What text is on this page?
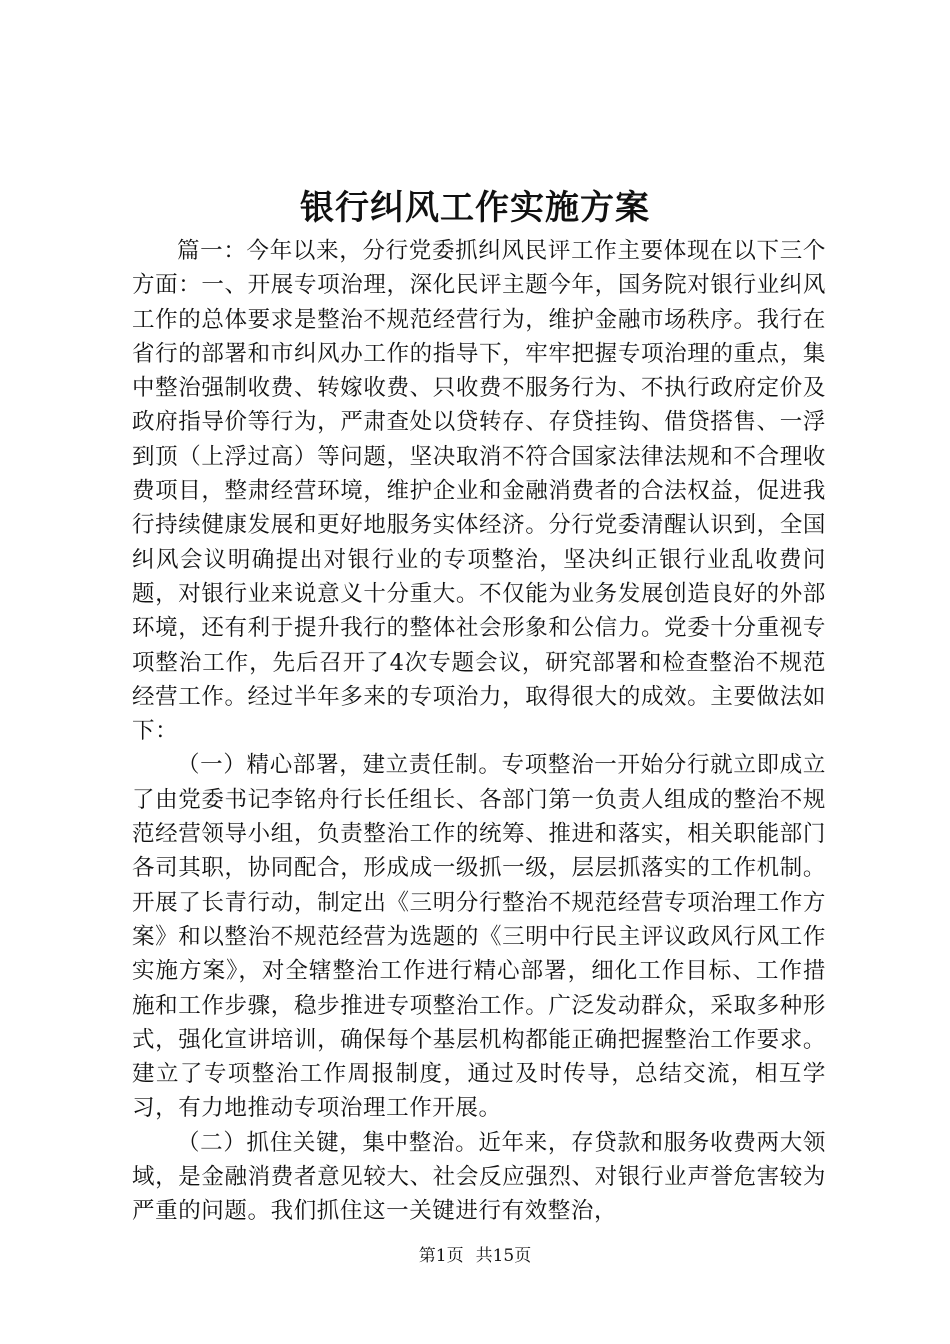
银行纠风工作实施方案

篇一：今年以来，分行党委抓纠风民评工作主要体现在以下三个方面：一、开展专项治理，深化民评主题今年，国务院对银行业纠风工作的总体要求是整治不规范经营行为，维护金融市场秩序。我行在省行的部署和市纠风办工作的指导下，牢牢把握专项治理的重点，集中整治强制收费、转嫁收费、只收费不服务行为、不执行政府定价及政府指导价等行为，严肃查处以贷转存、存贷挂钩、借贷搭售、一浮到顶（上浮过高）等问题，坚决取消不符合国家法律法规和不合理收费项目，整肃经营环境，维护企业和金融消费者的合法权益，促进我行持续健康发展和更好地服务实体经济。分行党委清醒认识到，全国纠风会议明确提出对银行业的专项整治，坚决纠正银行业乱收费问题，对银行业来说意义十分重大。不仅能为业务发展创造良好的外部环境，还有利于提升我行的整体社会形象和公信力。党委十分重视专项整治工作，先后召开了4次专题会议，研究部署和检查整治不规范经营工作。经过半年多来的专项治力，取得很大的成效。主要做法如下：

（一）精心部署，建立责任制。专项整治一开始分行就立即成立了由党委书记李铭舟行长任组长、各部门第一负责人组成的整治不规范经营领导小组，负责整治工作的统筹、推进和落实，相关职能部门各司其职，协同配合，形成成一级抓一级，层层抓落实的工作机制。开展了长青行动，制定出《三明分行整治不规范经营专项治理工作方案》和以整治不规范经营为选题的《三明中行民主评议政风行风工作实施方案》，对全辖整治工作进行精心部署，细化工作目标、工作措施和工作步骤，稳步推进专项整治工作。广泛发动群众，采取多种形式，强化宣讲培训，确保每个基层机构都能正确把握整治工作要求。建立了专项整治工作周报制度，通过及时传导，总结交流，相互学习，有力地推动专项治理工作开展。

（二）抓住关键，集中整治。近年来，存贷款和服务收费两大领域，是金融消费者意见较大、社会反应强烈、对银行业声誉危害较为严重的问题。我们抓住这一关键进行有效整治，

第1页 共15页
